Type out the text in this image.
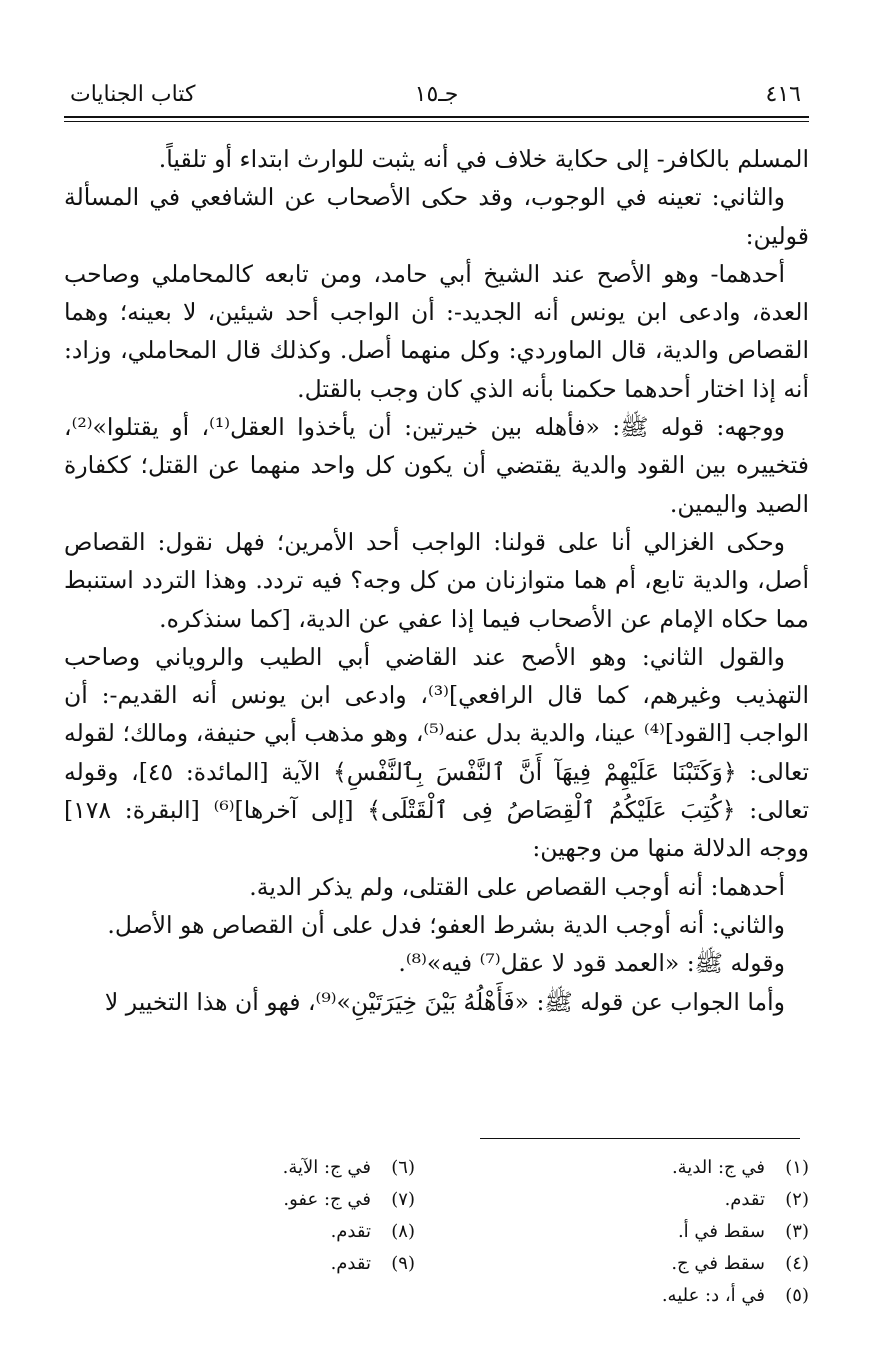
٤١٦
جـ١٥
كتاب الجنايات

المسلم بالكافر- إلى حكاية خلاف في أنه يثبت للوارث ابتداء أو تلقياً.

والثاني: تعينه في الوجوب، وقد حكى الأصحاب عن الشافعي في المسألة قولين:

أحدهما- وهو الأصح عند الشيخ أبي حامد، ومن تابعه كالمحاملي وصاحب العدة، وادعى ابن يونس أنه الجديد-: أن الواجب أحد شيئين، لا بعينه؛ وهما القصاص والدية، قال الماوردي: وكل منهما أصل. وكذلك قال المحاملي، وزاد: أنه إذا اختار أحدهما حكمنا بأنه الذي كان وجب بالقتل.

ووجهه: قوله ﷺ: «فأهله بين خيرتين: أن يأخذوا العقل⁽¹⁾، أو يقتلوا»⁽²⁾، فتخييره بين القود والدية يقتضي أن يكون كل واحد منهما عن القتل؛ ككفارة الصيد واليمين.

وحكى الغزالي أنا على قولنا: الواجب أحد الأمرين؛ فهل نقول: القصاص أصل، والدية تابع، أم هما متوازنان من كل وجه؟ فيه تردد. وهذا التردد استنبط مما حكاه الإمام عن الأصحاب فيما إذا عفي عن الدية، [كما سنذكره.

والقول الثاني: وهو الأصح عند القاضي أبي الطيب والروياني وصاحب التهذيب وغيرهم، كما قال الرافعي]⁽³⁾، وادعى ابن يونس أنه القديم-: أن الواجب [القود]⁽⁴⁾ عينا، والدية بدل عنه⁽⁵⁾، وهو مذهب أبي حنيفة، ومالك؛ لقوله تعالى: ﴿وَكَتَبْنَا عَلَيْهِمْ فِيهَآ أَنَّ ٱلنَّفْسَ بِٱلنَّفْسِ﴾ الآية [المائدة: ٤٥]، وقوله تعالى: ﴿كُتِبَ عَلَيْكُمُ ٱلْقِصَاصُ فِى ٱلْقَتْلَى﴾ [إلى آخرها]⁽⁶⁾ [البقرة: ١٧٨] ووجه الدلالة منها من وجهين:

أحدهما: أنه أوجب القصاص على القتلى، ولم يذكر الدية.

والثاني: أنه أوجب الدية بشرط العفو؛ فدل على أن القصاص هو الأصل.

وقوله ﷺ: «العمد قود لا عقل⁽⁷⁾ فيه»⁽⁸⁾.

وأما الجواب عن قوله ﷺ: «فَأَهْلُهُ بَيْنَ خِيَرَتَيْنِ»⁽⁹⁾، فهو أن هذا التخيير لا

(١)في ج: الدية.
(٢)تقدم.
(٣)سقط في أ.
(٤)سقط في ج.
(٥)في أ، د: عليه.
(٦)في ج: الآية.
(٧)في ج: عفو.
(٨)تقدم.
(٩)تقدم.
